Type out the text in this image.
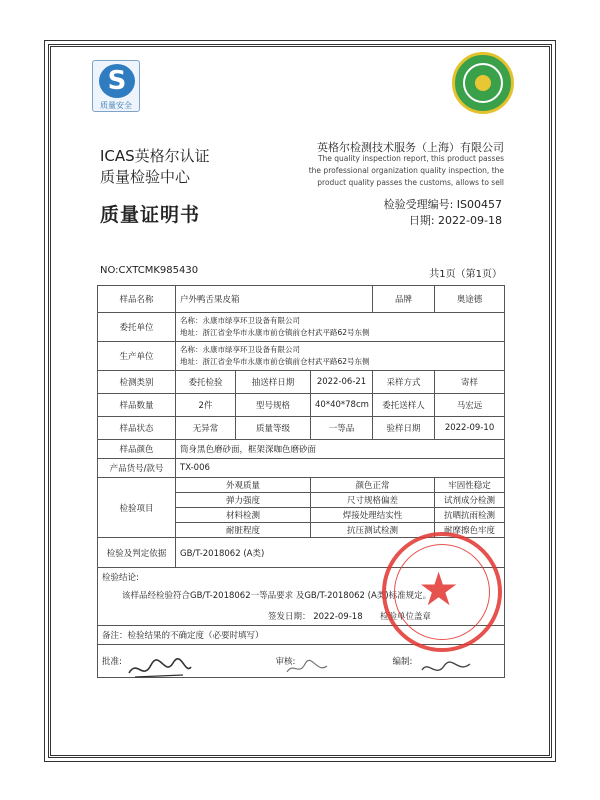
S
质量安全
ICAS英格尔认证
质量检验中心
英格尔检测技术服务（上海）有限公司
The quality inspection report, this product passes the professional organization quality inspection, the product quality passes the customs, allows to sell
质量证明书	检验受理编号: IS00457
日期: 2022-09-18
NO:CXTCMK985430	共1页（第1页）
样品名称	户外鸭舌果皮箱			品牌	奥途德
委托单位	名称：永康市绿享环卫设备有限公司
地址：浙江省金华市永康市前仓镇前仓村武平路62号东侧				

生产单位	名称：永康市绿享环卫设备有限公司
地址：浙江省金华市永康市前仓镇前仓村武平路62号东侧				

检测类别	委托检验	抽送样日期	2022-06-21	采样方式	寄样
样品数量	2件	型号规格	40*40*78cm	委托送样人	马宏远
样品状态	无异常	质量等级	一等品	验样日期	2022-09-10
样品颜色	筒身黑色磨砂面，框架深咖色磨砂面				
产品货号/款号	TX-006				
检验项目	外观质量		颜色正常		牢固性稳定
	弹力强度		尺寸规格偏差		试剂成分检测
	材料检测		焊接处理结实性		抗晒抗雨检测
	耐脏程度		抗压测试检测		耐摩擦色牢度
检验及判定依据	GB/T-2018062 (A类)				

检验结论:
该样品经检验符合GB/T-2018062一等品要求 及GB/T-2018062 (A类)标准规定。
签发日期： 2022-09-18 检验单位盖章					

备注：检验结果的不确定度（必要时填写）					
批准:		审核:		编制:	
★
